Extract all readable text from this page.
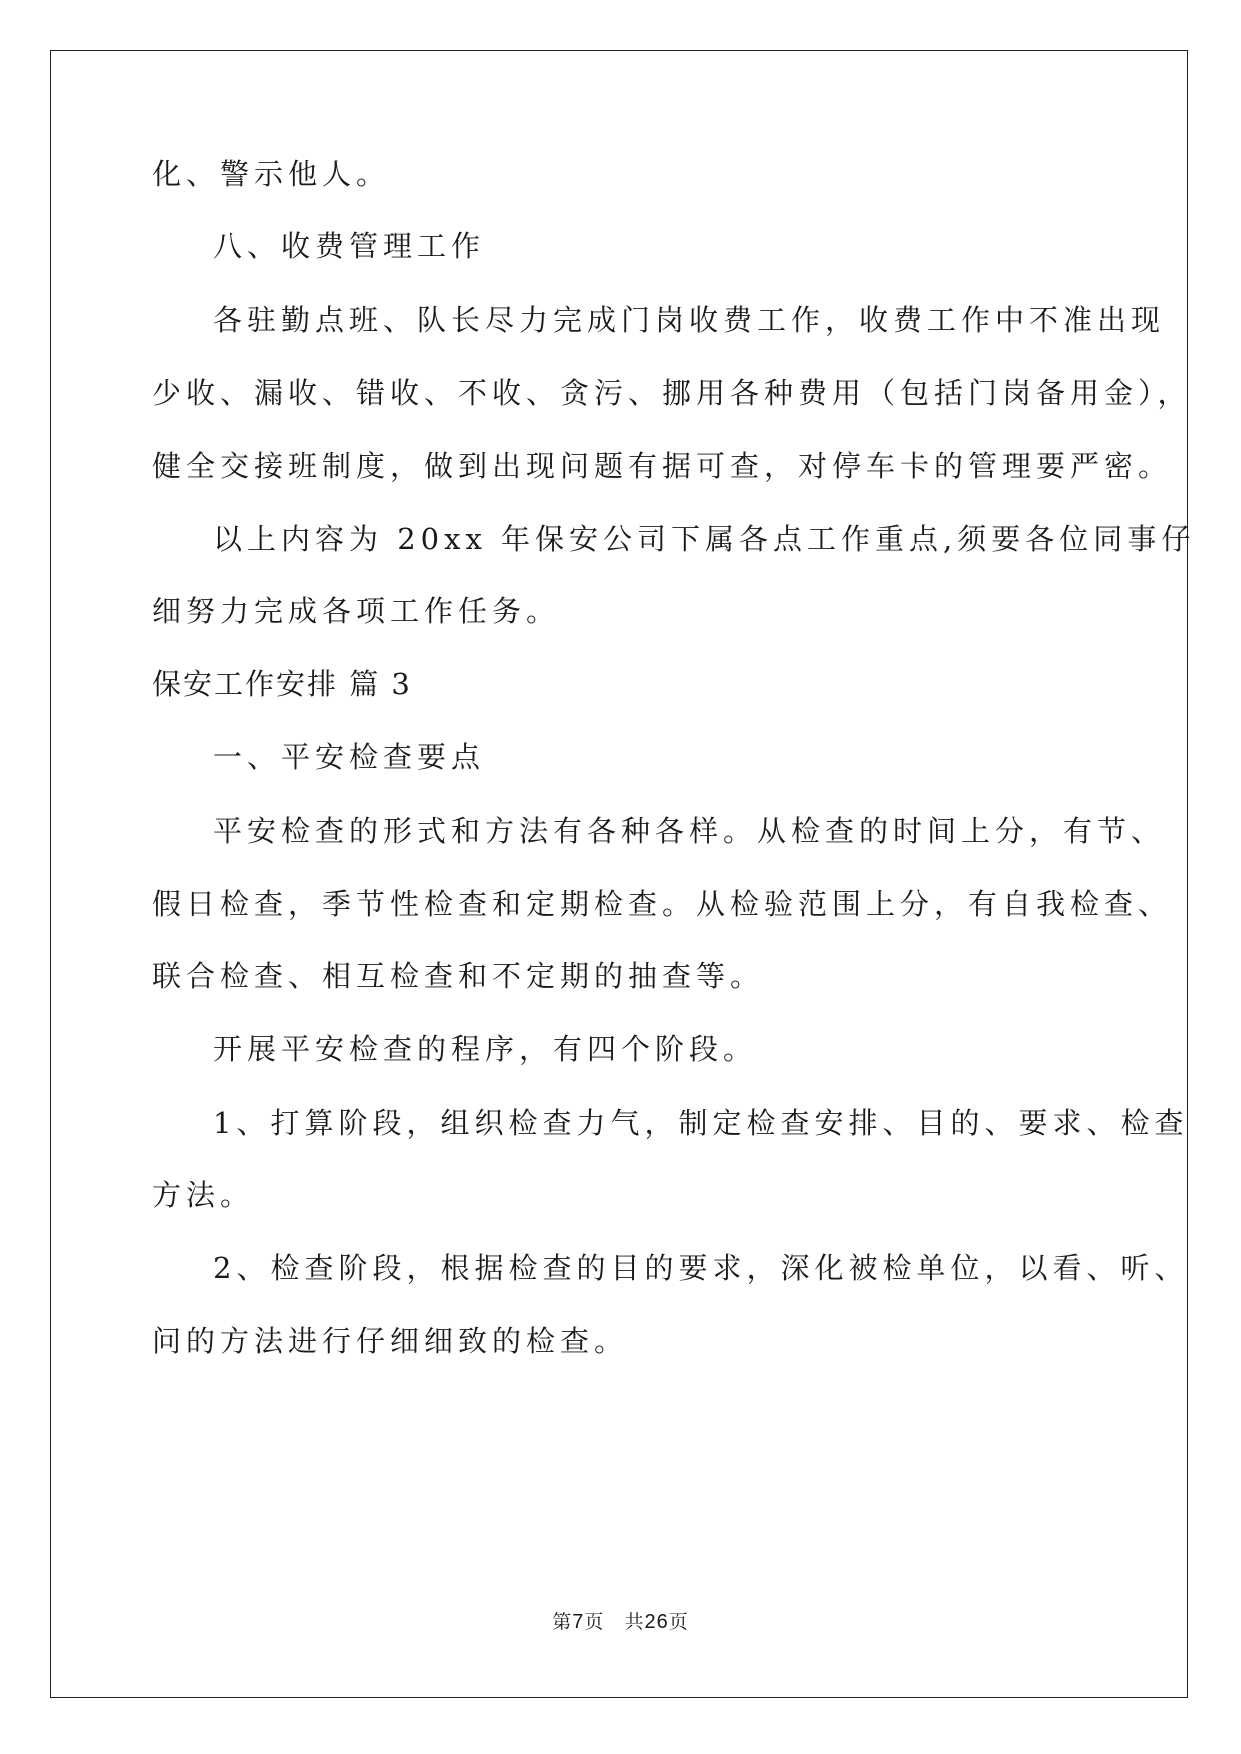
化、警示他人。
八、收费管理工作
各驻勤点班、队长尽力完成门岗收费工作，收费工作中不准出现
少收、漏收、错收、不收、贪污、挪用各种费用（包括门岗备用金），
健全交接班制度，做到出现问题有据可查，对停车卡的管理要严密。
以上内容为 20xx 年保安公司下属各点工作重点,须要各位同事仔
细努力完成各项工作任务。
保安工作安排 篇 3
一、平安检查要点
平安检查的形式和方法有各种各样。从检查的时间上分，有节、
假日检查，季节性检查和定期检查。从检验范围上分，有自我检查、
联合检查、相互检查和不定期的抽查等。
开展平安检查的程序，有四个阶段。
1、打算阶段，组织检查力气，制定检查安排、目的、要求、检查
方法。
2、检查阶段，根据检查的目的要求，深化被检单位，以看、听、
问的方法进行仔细细致的检查。
第7页 共26页
